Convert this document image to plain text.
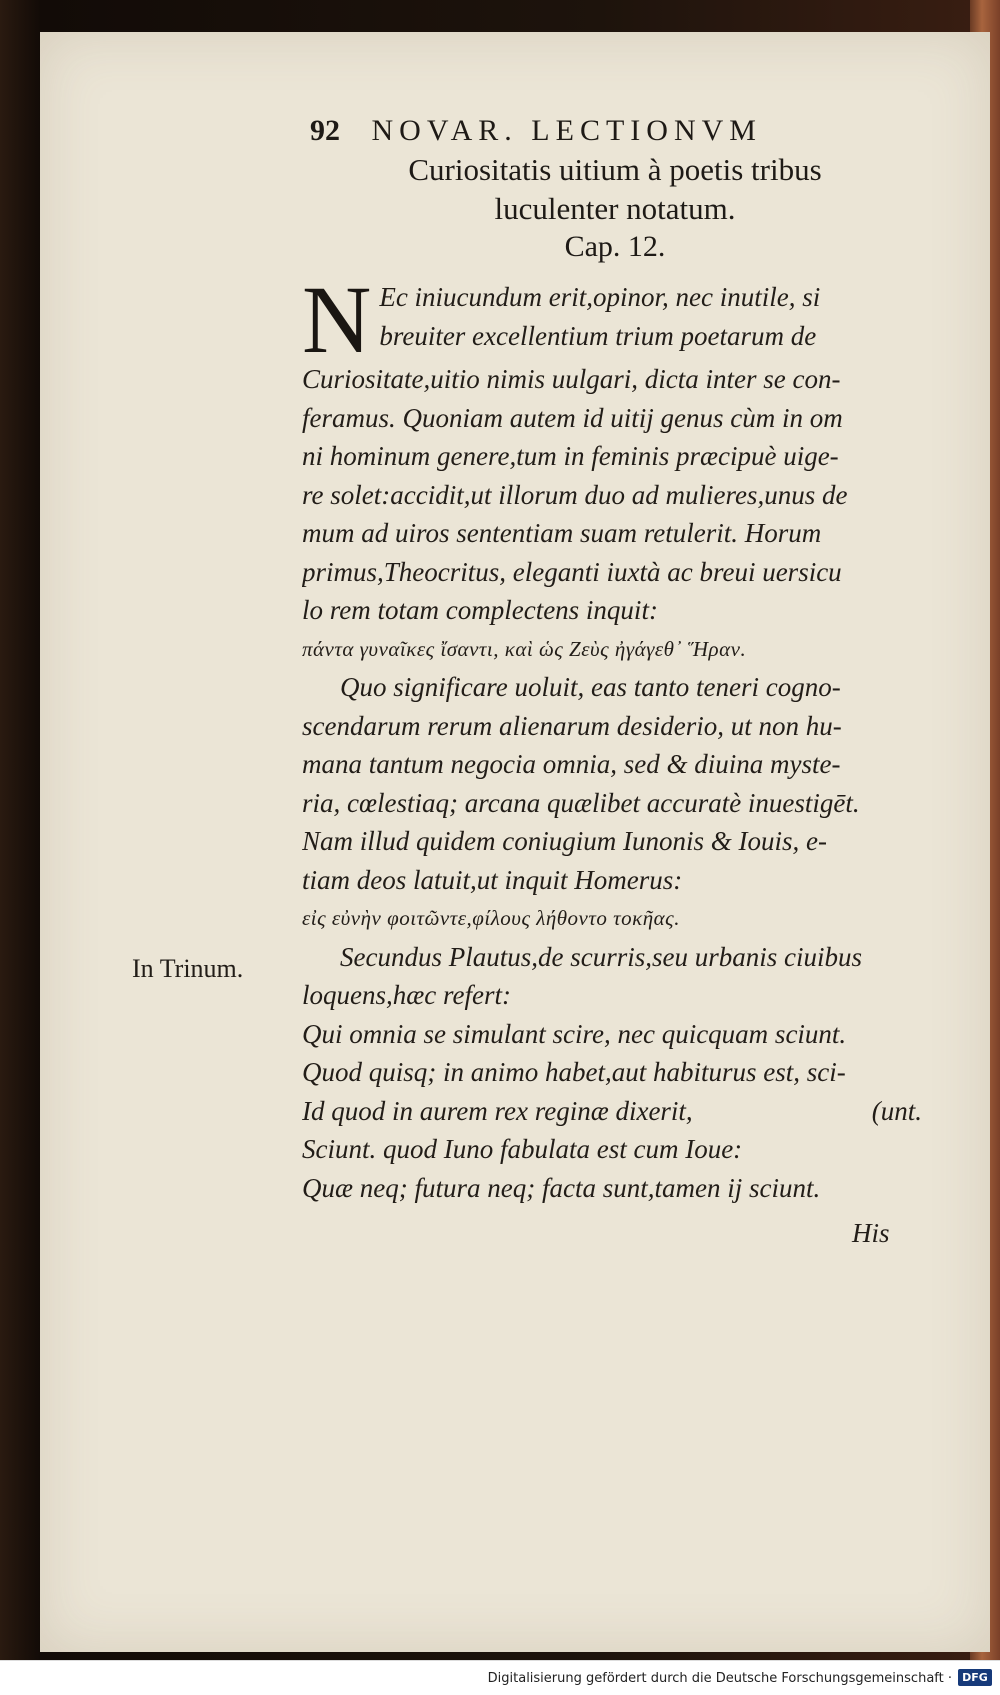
92 NOVAR. LECTIONVM
Curiositatis uitium à poetis tribus
luculenter notatum.
Cap. 12.
N Ec iniucundum erit,opinor, nec inutile, si
breuiter excellentium trium poetarum de
Curiositate,uitio nimis uulgari, dicta inter se con-
feramus. Quoniam autem id uitij genus cùm in om
ni hominum genere,tum in feminis præcipuè uige-
re solet:accidit,ut illorum duo ad mulieres,unus de
mum ad uiros sententiam suam retulerit. Horum
primus,Theocritus, eleganti iuxtà ac breui uersicu
lo rem totam complectens inquit:
πάντα γυναῖκες ἴσαντι, καὶ ὡς Ζεὺς ἠγάγεθ᾽ Ἥραν.
Quo significare uoluit, eas tanto teneri cogno-
scendarum rerum alienarum desiderio, ut non hu-
mana tantum negocia omnia, sed & diuina myste-
ria, cœlestiaq; arcana quælibet accuratè inuestigēt.
Nam illud quidem coniugium Iunonis & Iouis, e-
tiam deos latuit,ut inquit Homerus:
εἰς εὐνὴν φοιτῶντε,φίλους λήθοντο τοκῆας.
Secundus Plautus,de scurris,seu urbanis ciuibus
loquens,hæc refert:
Qui omnia se simulant scire, nec quicquam sciunt.
Quod quisq; in animo habet,aut habiturus est, sci-
Id quod in aurem rex reginæ dixerit,	(unt.
Sciunt. quod Iuno fabulata est cum Ioue:
Quæ neq; futura neq; facta sunt,tamen ij sciunt.
In Trinum.
His
Digitalisierung gefördert durch die Deutsche Forschungsgemeinschaft · DFG
